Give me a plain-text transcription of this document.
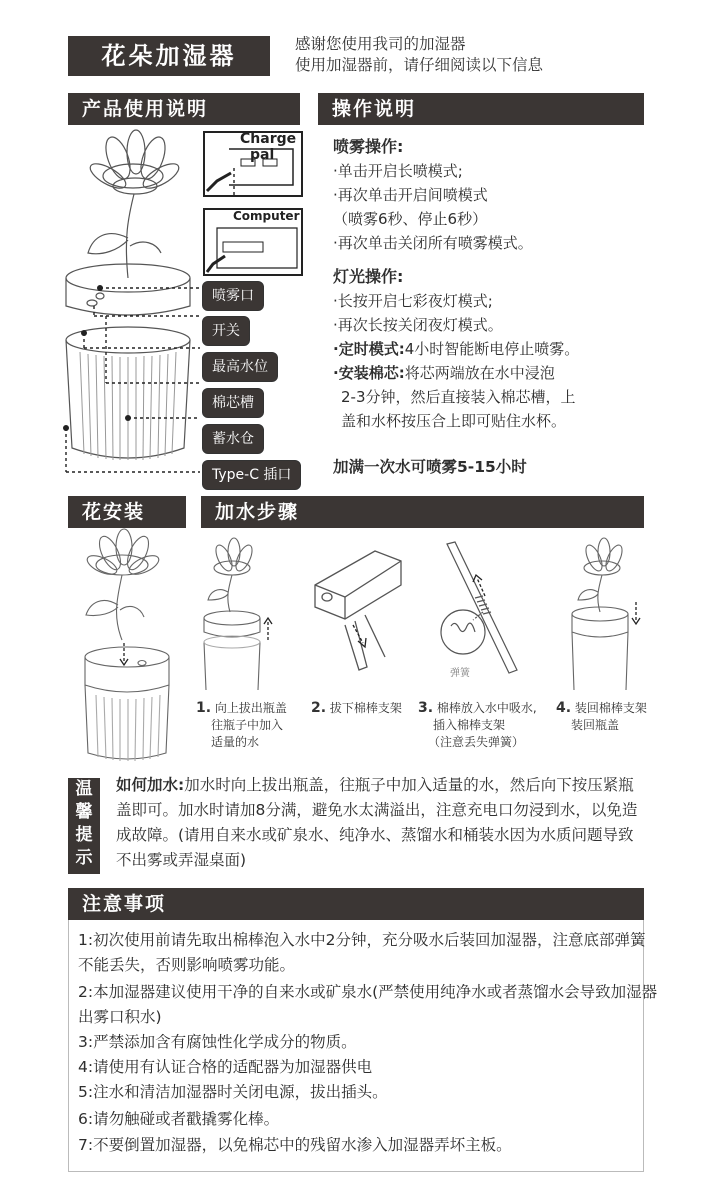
花朵加湿器	感谢您使用我司的加湿器
使用加湿器前，请仔细阅读以下信息
产品使用说明	操作说明
Charge
pal
Computer
喷雾口
开关
最高水位
棉芯槽
蓄水仓
Type-C 插口

喷雾操作:

·单击开启长喷模式;

·再次单击开启间喷模式

（喷雾6秒、停止6秒）

·再次单击关闭所有喷雾模式。

灯光操作:

·长按开启七彩夜灯模式;

·再次长按关闭夜灯模式。

·定时模式:4小时智能断电停止喷雾。

·安装棉芯:将芯两端放在水中浸泡

2-3分钟，然后直接装入棉芯槽，上

盖和水杯按压合上即可贴住水杯。

加满一次水可喷雾5-15小时
花安装	加水步骤
弹簧
1. 向上拔出瓶盖
往瓶子中加入
适量的水
2. 拔下棉棒支架 3. 棉棒放入水中吸水,
插入棉棒支架
（注意丢失弹簧）
4. 装回棉棒支架
装回瓶盖
温
馨
提
示
如何加水:加水时向上拔出瓶盖，往瓶子中加入适量的水，然后向下按压紧瓶盖即可。加水时请加8分满，避免水太满溢出，注意充电口勿浸到水，以免造成故障。(请用自来水或矿泉水、纯净水、蒸馏水和桶装水因为水质问题导致不出雾或弄湿桌面)
注意事项

1:初次使用前请先取出棉棒泡入水中2分钟，充分吸水后装回加湿器，注意底部弹簧不能丢失，否则影响喷雾功能。

2:本加湿器建议使用干净的自来水或矿泉水(严禁使用纯净水或者蒸馏水会导致加湿器出雾口积水)

3:严禁添加含有腐蚀性化学成分的物质。

4:请使用有认证合格的适配器为加湿器供电

5:注水和清洁加湿器时关闭电源，拔出插头。

6:请勿触碰或者戳撬雾化棒。

7:不要倒置加湿器，以免棉芯中的残留水渗入加湿器弄坏主板。
